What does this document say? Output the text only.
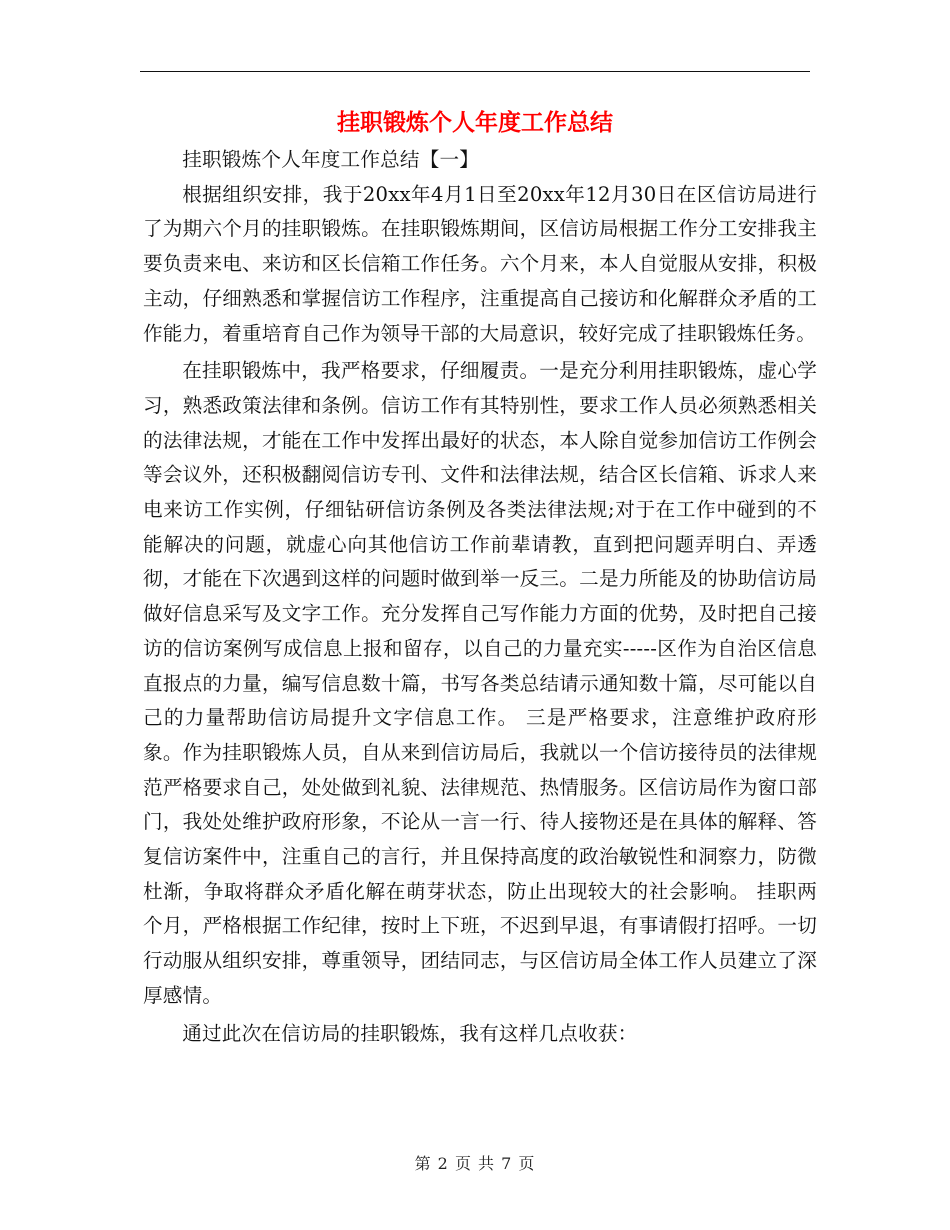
挂职锻炼个人年度工作总结

挂职锻炼个人年度工作总结【一】

根据组织安排，我于20xx年4月1日至20xx年12月30日在区信访局进行了为期六个月的挂职锻炼。在挂职锻炼期间，区信访局根据工作分工安排我主要负责来电、来访和区长信箱工作任务。六个月来，本人自觉服从安排，积极主动，仔细熟悉和掌握信访工作程序，注重提高自己接访和化解群众矛盾的工作能力，着重培育自己作为领导干部的大局意识，较好完成了挂职锻炼任务。

在挂职锻炼中，我严格要求，仔细履责。一是充分利用挂职锻炼，虚心学习，熟悉政策法律和条例。信访工作有其特别性，要求工作人员必须熟悉相关的法律法规，才能在工作中发挥出最好的状态，本人除自觉参加信访工作例会等会议外，还积极翻阅信访专刊、文件和法律法规，结合区长信箱、诉求人来电来访工作实例，仔细钻研信访条例及各类法律法规;对于在工作中碰到的不能解决的问题，就虚心向其他信访工作前辈请教，直到把问题弄明白、弄透彻，才能在下次遇到这样的问题时做到举一反三。二是力所能及的协助信访局做好信息采写及文字工作。充分发挥自己写作能力方面的优势，及时把自己接访的信访案例写成信息上报和留存，以自己的力量充实-----区作为自治区信息直报点的力量，编写信息数十篇，书写各类总结请示通知数十篇，尽可能以自己的力量帮助信访局提升文字信息工作。 三是严格要求，注意维护政府形象。作为挂职锻炼人员，自从来到信访局后，我就以一个信访接待员的法律规范严格要求自己，处处做到礼貌、法律规范、热情服务。区信访局作为窗口部门，我处处维护政府形象，不论从一言一行、待人接物还是在具体的解释、答复信访案件中，注重自己的言行，并且保持高度的政治敏锐性和洞察力，防微杜渐，争取将群众矛盾化解在萌芽状态，防止出现较大的社会影响。 挂职两个月，严格根据工作纪律，按时上下班，不迟到早退，有事请假打招呼。一切行动服从组织安排，尊重领导，团结同志，与区信访局全体工作人员建立了深厚感情。

通过此次在信访局的挂职锻炼，我有这样几点收获：

第 2 页 共 7 页
